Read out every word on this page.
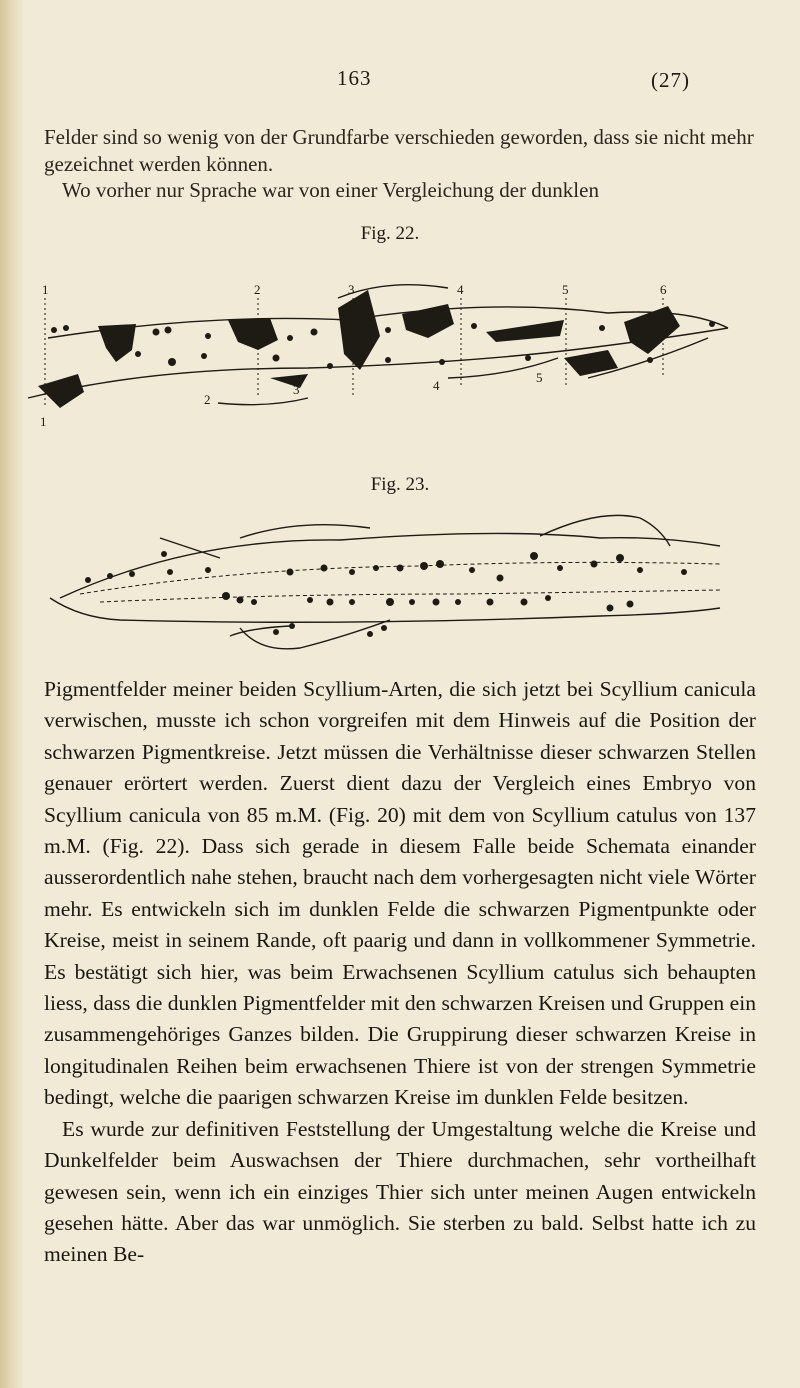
163	(27)

Felder sind so wenig von der Grundfarbe verschieden geworden, dass sie nicht mehr gezeichnet werden können.

Wo vorher nur Sprache war von einer Vergleichung der dunklen

Fig. 22.
1	2	3	4	5	6
1
2
3	4
5
Fig. 23.

Pigmentfelder meiner beiden Scyllium-Arten, die sich jetzt bei Scyllium canicula verwischen, musste ich schon vorgreifen mit dem Hinweis auf die Position der schwarzen Pigmentkreise. Jetzt müssen die Verhältnisse dieser schwarzen Stellen genauer erörtert werden. Zuerst dient dazu der Vergleich eines Embryo von Scyllium canicula von 85 m.M. (Fig. 20) mit dem von Scyllium catulus von 137 m.M. (Fig. 22). Dass sich gerade in diesem Falle beide Schemata einander ausserordentlich nahe stehen, braucht nach dem vorhergesagten nicht viele Wörter mehr. Es entwickeln sich im dunklen Felde die schwarzen Pigmentpunkte oder Kreise, meist in seinem Rande, oft paarig und dann in vollkommener Symmetrie. Es bestätigt sich hier, was beim Erwachsenen Scyllium catulus sich behaupten liess, dass die dunklen Pigmentfelder mit den schwarzen Kreisen und Gruppen ein zusammengehöriges Ganzes bilden. Die Gruppirung dieser schwarzen Kreise in longitudinalen Reihen beim erwachsenen Thiere ist von der strengen Symmetrie bedingt, welche die paarigen schwarzen Kreise im dunklen Felde besitzen.

Es wurde zur definitiven Feststellung der Umgestaltung welche die Kreise und Dunkelfelder beim Auswachsen der Thiere durchmachen, sehr vortheilhaft gewesen sein, wenn ich ein einziges Thier sich unter meinen Augen entwickeln gesehen hätte. Aber das war unmöglich. Sie sterben zu bald. Selbst hatte ich zu meinen Be-
